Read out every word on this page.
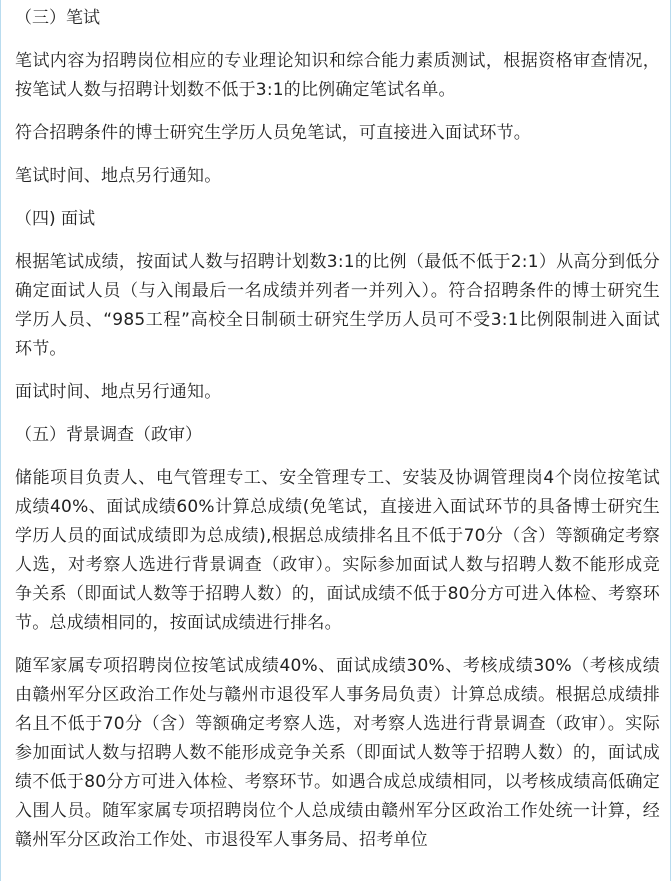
（三）笔试

笔试内容为招聘岗位相应的专业理论知识和综合能力素质测试，根据资格审查情况，按笔试人数与招聘计划数不低于3:1的比例确定笔试名单。

符合招聘条件的博士研究生学历人员免笔试，可直接进入面试环节。

笔试时间、地点另行通知。

（四) 面试

根据笔试成绩，按面试人数与招聘计划数3:1的比例（最低不低于2:1）从高分到低分确定面试人员（与入闱最后一名成绩并列者一并列入）。符合招聘条件的博士研究生学历人员、“985工程”高校全日制硕士研究生学历人员可不受3:1比例限制进入面试环节。

面试时间、地点另行通知。

（五）背景调查（政审）

储能项目负责人、电气管理专工、安全管理专工、安装及协调管理岗4个岗位按笔试成绩40%、面试成绩60%计算总成绩(免笔试，直接进入面试环节的具备博士研究生学历人员的面试成绩即为总成绩),根据总成绩排名且不低于70分（含）等额确定考察人选，对考察人选进行背景调查（政审）。实际参加面试人数与招聘人数不能形成竞争关系（即面试人数等于招聘人数）的，面试成绩不低于80分方可进入体检、考察环节。总成绩相同的，按面试成绩进行排名。

随军家属专项招聘岗位按笔试成绩40%、面试成绩30%、考核成绩30%（考核成绩由赣州军分区政治工作处与赣州市退役军人事务局负责）计算总成绩。根据总成绩排名且不低于70分（含）等额确定考察人选，对考察人选进行背景调查（政审）。实际参加面试人数与招聘人数不能形成竞争关系（即面试人数等于招聘人数）的，面试成绩不低于80分方可进入体检、考察环节。如遇合成总成绩相同，以考核成绩高低确定入围人员。随军家属专项招聘岗位个人总成绩由赣州军分区政治工作处统一计算，经赣州军分区政治工作处、市退役军人事务局、招考单位
